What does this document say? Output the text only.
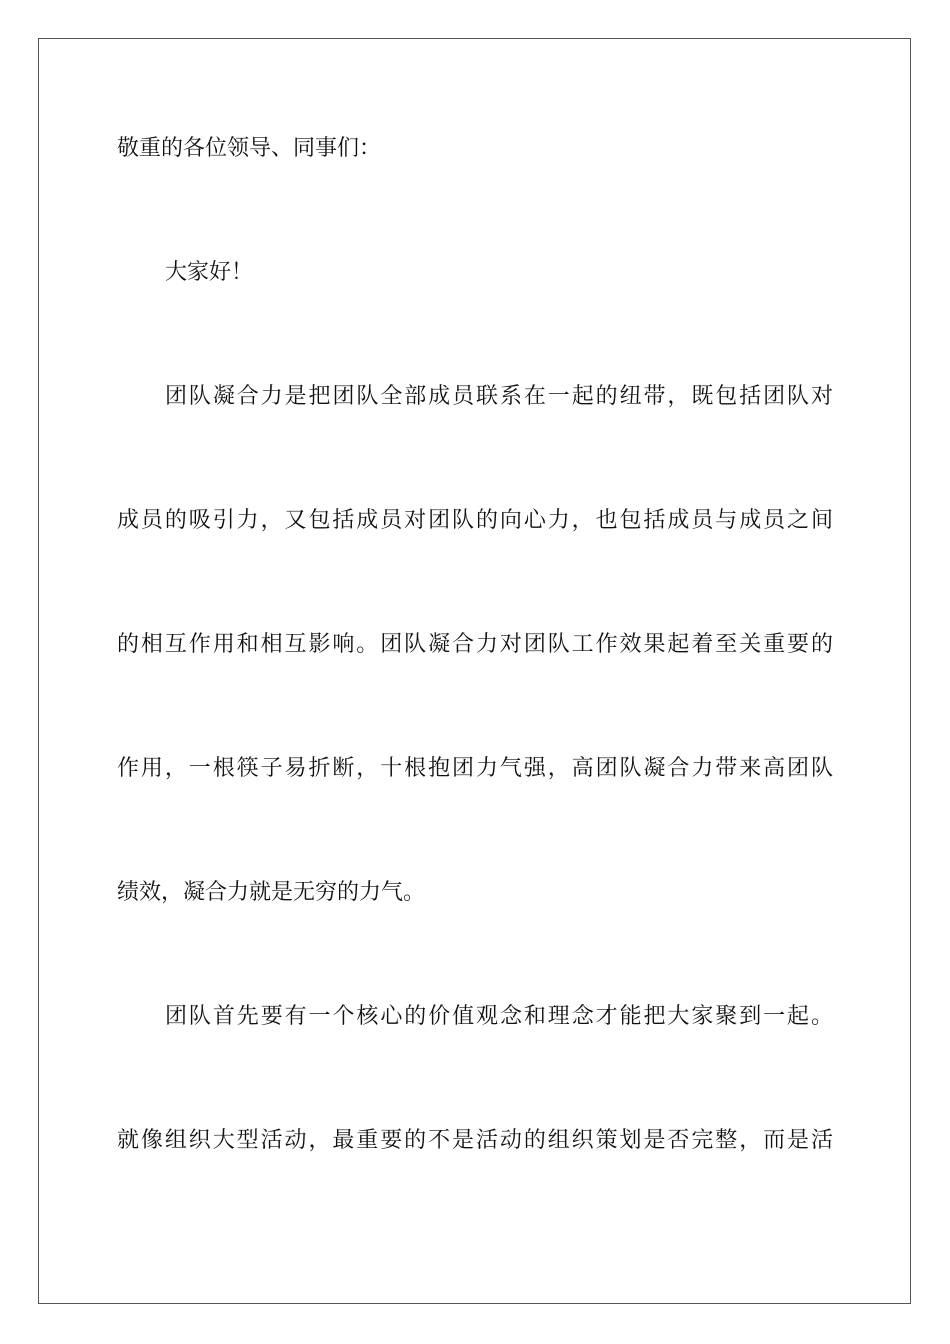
敬重的各位领导、同事们：
大家好！
团队凝合力是把团队全部成员联系在一起的纽带，既包括团队对
成员的吸引力，又包括成员对团队的向心力，也包括成员与成员之间
的相互作用和相互影响。团队凝合力对团队工作效果起着至关重要的
作用，一根筷子易折断，十根抱团力气强，高团队凝合力带来高团队
绩效，凝合力就是无穷的力气。
团队首先要有一个核心的价值观念和理念才能把大家聚到一起。
就像组织大型活动，最重要的不是活动的组织策划是否完整，而是活
